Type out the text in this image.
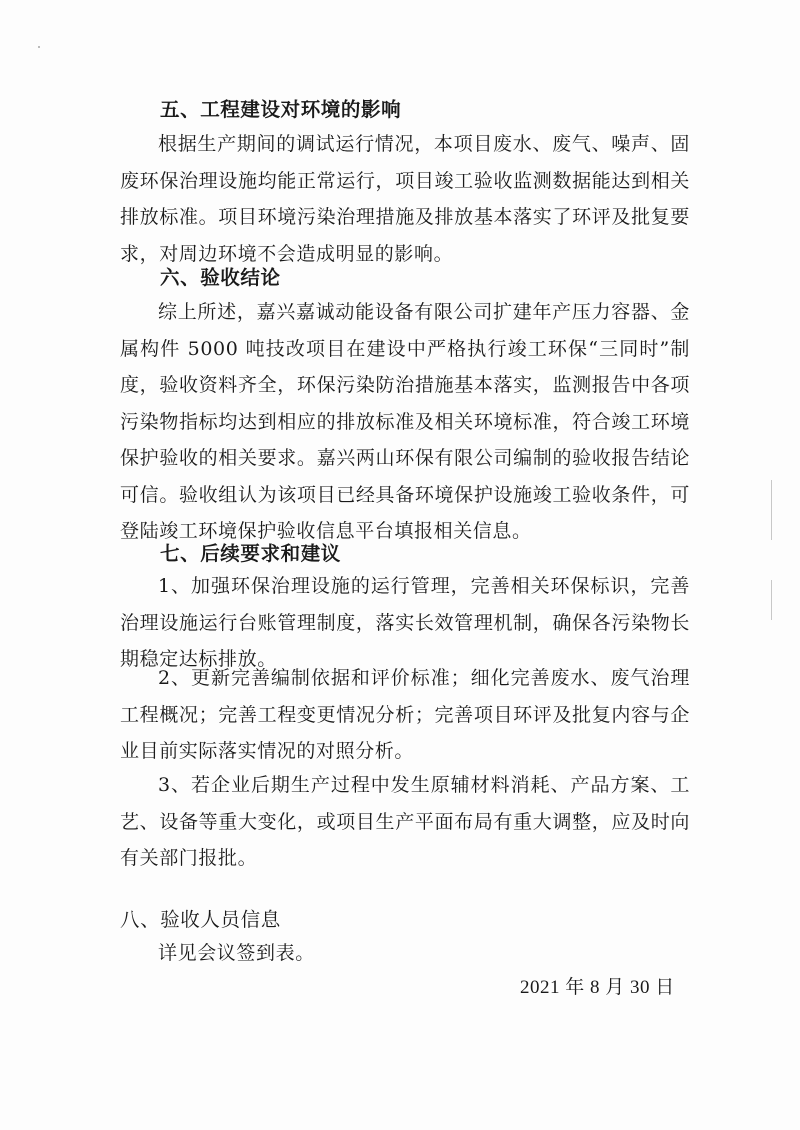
五、工程建设对环境的影响

根据生产期间的调试运行情况，本项目废水、废气、噪声、固废环保治理设施均能正常运行，项目竣工验收监测数据能达到相关排放标准。项目环境污染治理措施及排放基本落实了环评及批复要求，对周边环境不会造成明显的影响。

六、验收结论

综上所述，嘉兴嘉诚动能设备有限公司扩建年产压力容器、金属构件 5000 吨技改项目在建设中严格执行竣工环保“三同时”制度，验收资料齐全，环保污染防治措施基本落实，监测报告中各项污染物指标均达到相应的排放标准及相关环境标准，符合竣工环境保护验收的相关要求。嘉兴两山环保有限公司编制的验收报告结论可信。验收组认为该项目已经具备环境保护设施竣工验收条件，可登陆竣工环境保护验收信息平台填报相关信息。

七、后续要求和建议

1、加强环保治理设施的运行管理，完善相关环保标识，完善治理设施运行台账管理制度，落实长效管理机制，确保各污染物长期稳定达标排放。

2、更新完善编制依据和评价标准；细化完善废水、废气治理工程概况；完善工程变更情况分析；完善项目环评及批复内容与企业目前实际落实情况的对照分析。

3、若企业后期生产过程中发生原辅材料消耗、产品方案、工艺、设备等重大变化，或项目生产平面布局有重大调整，应及时向有关部门报批。

八、验收人员信息
详见会议签到表。
2021 年 8 月 30 日
